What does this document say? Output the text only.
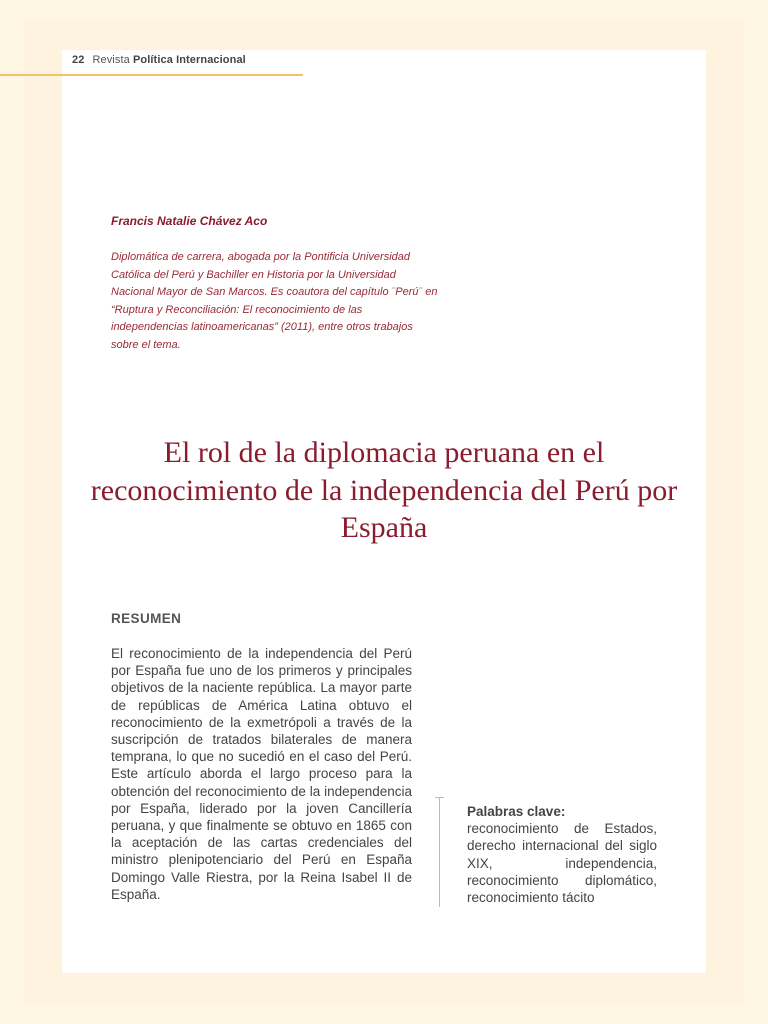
22 Revista Política Internacional
Francis Natalie Chávez Aco
Diplomática de carrera, abogada por la Pontificia Universidad Católica del Perú y Bachiller en Historia por la Universidad Nacional Mayor de San Marcos. Es coautora del capítulo ¨Perú¨ en “Ruptura y Reconciliación: El reconocimiento de las independencias latinoamericanas” (2011), entre otros trabajos sobre el tema.
El rol de la diplomacia peruana en el reconocimiento de la independencia del Perú por España
RESUMEN
El reconocimiento de la independencia del Perú por España fue uno de los primeros y principales objetivos de la naciente república. La mayor parte de repúblicas de América Latina obtuvo el reconocimiento de la exmetrópoli a través de la suscripción de tratados bilaterales de manera temprana, lo que no sucedió en el caso del Perú. Este artículo aborda el largo proceso para la obtención del reconocimiento de la independencia por España, liderado por la joven Cancillería peruana, y que finalmente se obtuvo en 1865 con la aceptación de las cartas credenciales del ministro plenipotenciario del Perú en España Domingo Valle Riestra, por la Reina Isabel II de España.
Palabras clave:
reconocimiento de Estados, derecho internacional del siglo XIX, independencia, reconocimiento diplomático, reconocimiento tácito
